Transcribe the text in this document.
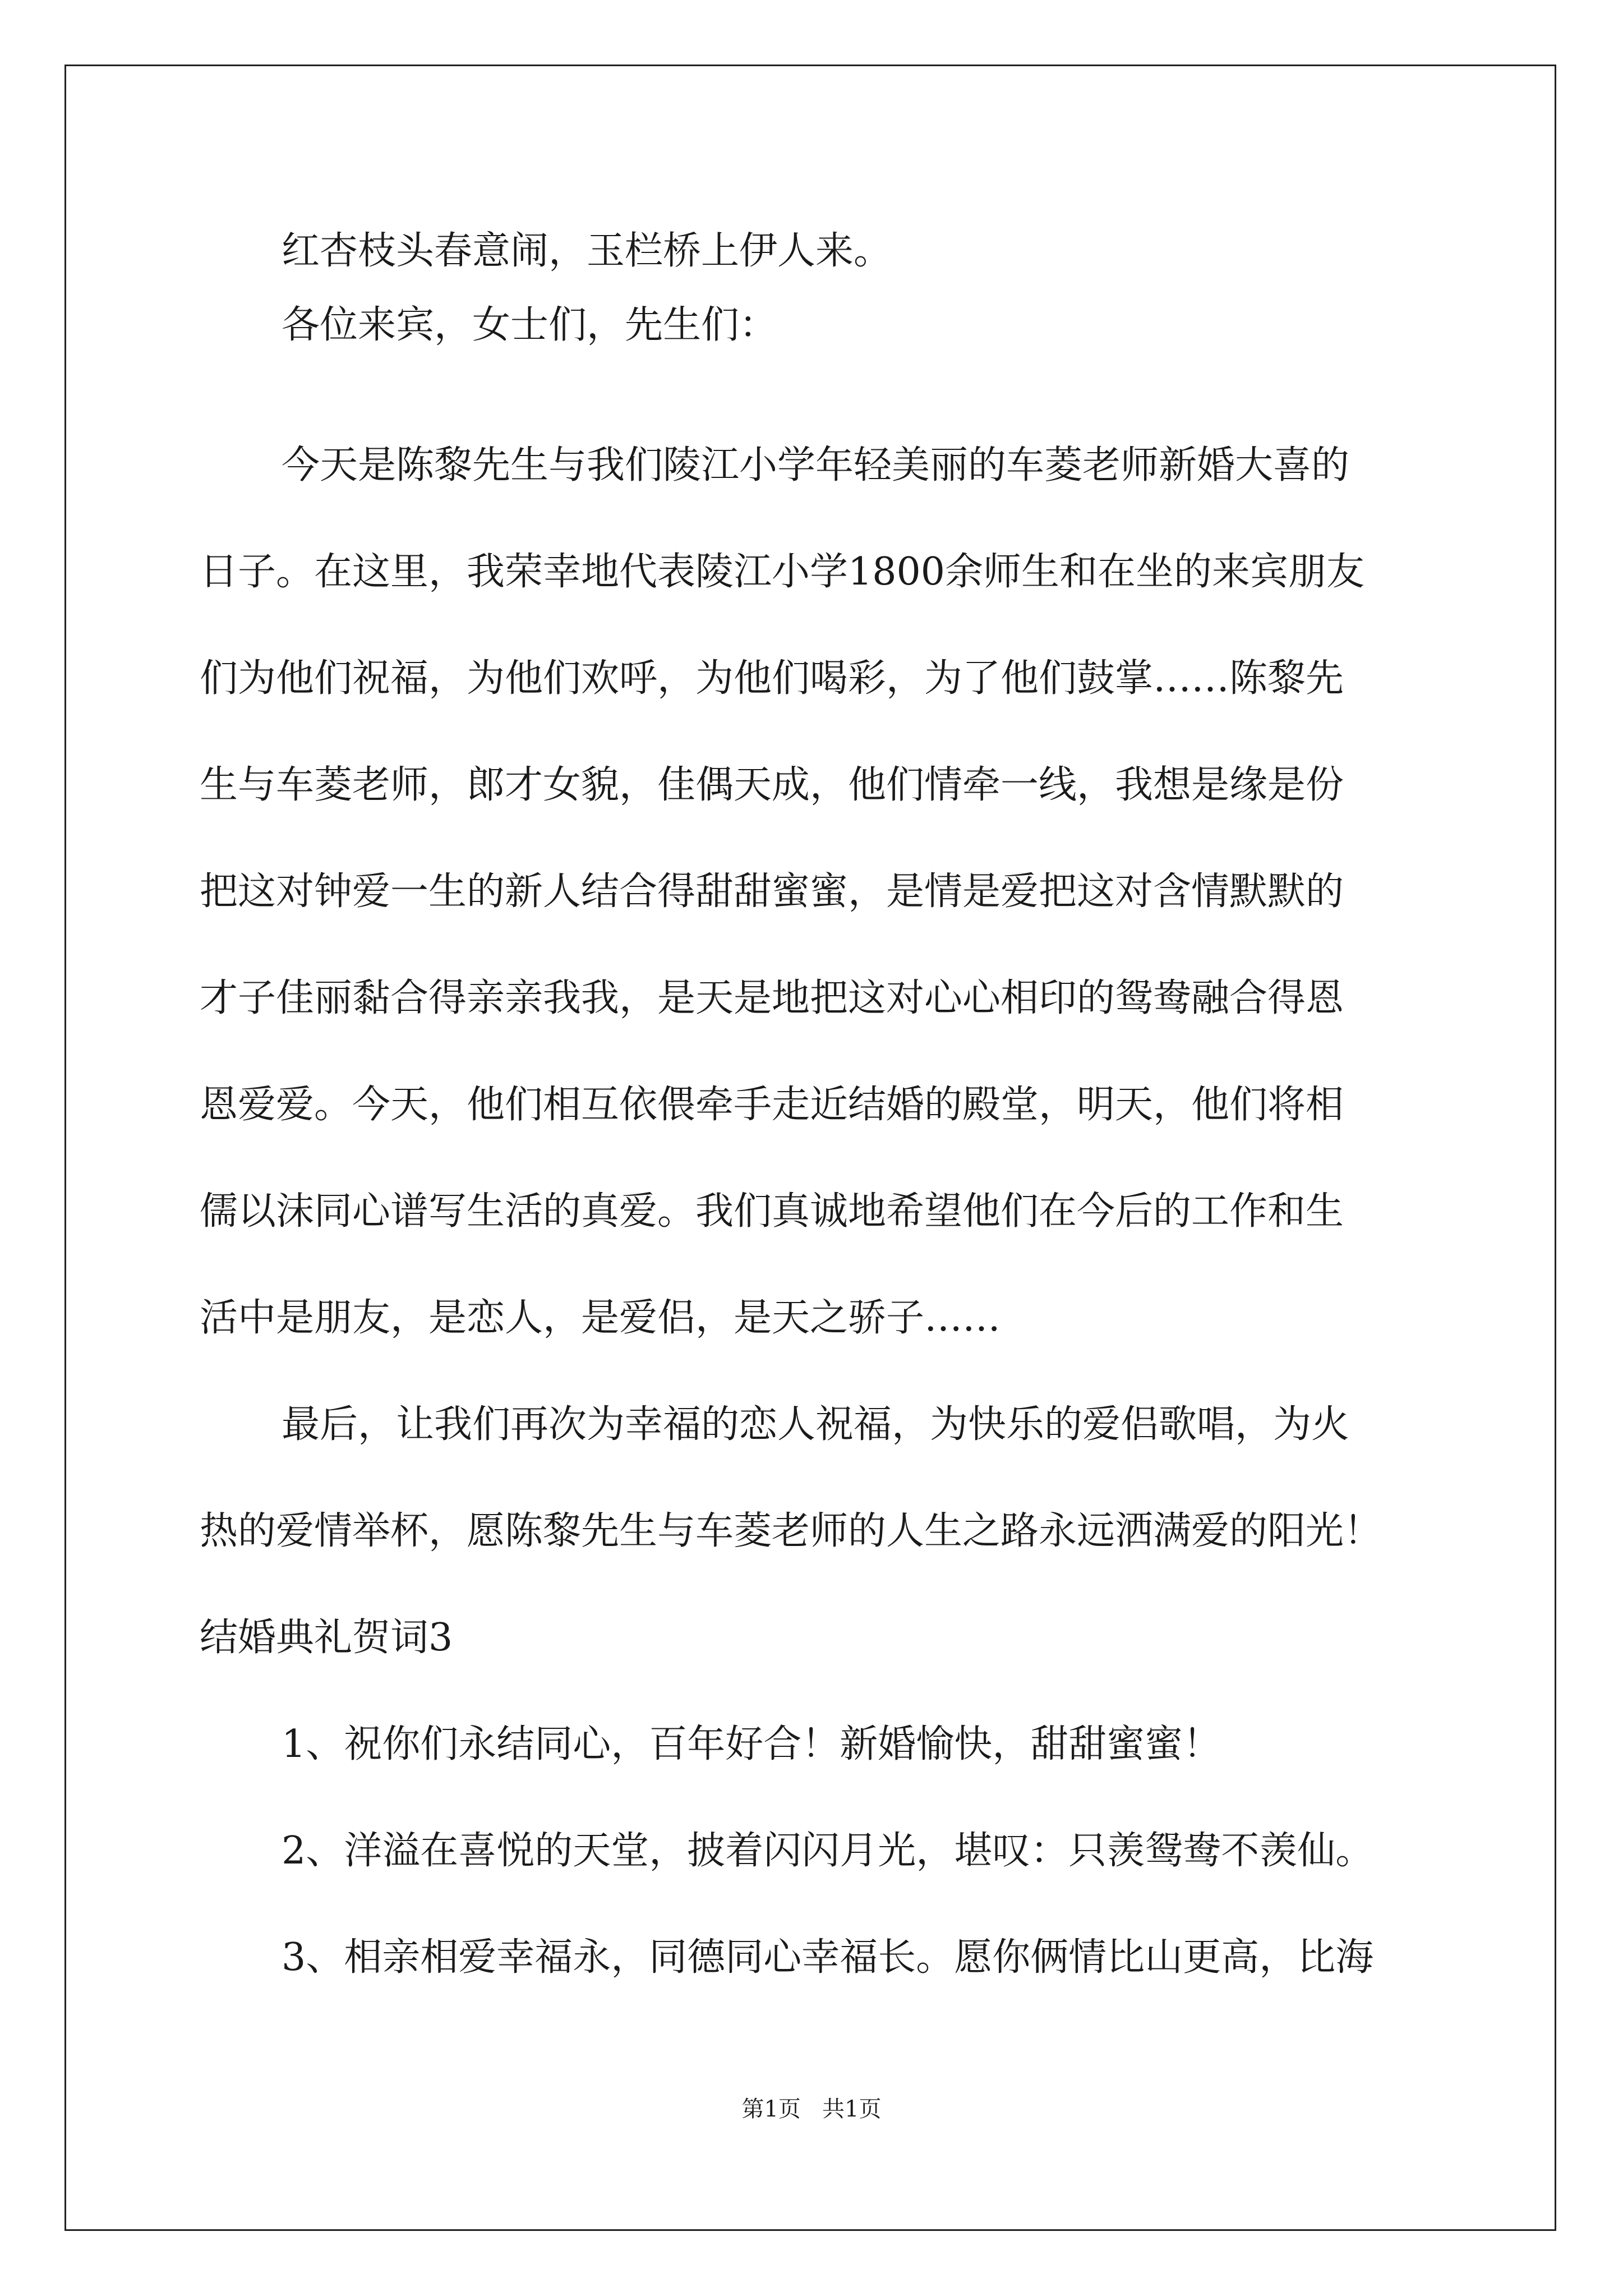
红杏枝头春意闹，玉栏桥上伊人来。

各位来宾，女士们，先生们：

今天是陈黎先生与我们陵江小学年轻美丽的车菱老师新婚大喜的

日子。在这里，我荣幸地代表陵江小学1800余师生和在坐的来宾朋友

们为他们祝福，为他们欢呼，为他们喝彩，为了他们鼓掌……陈黎先

生与车菱老师，郎才女貌，佳偶天成，他们情牵一线，我想是缘是份

把这对钟爱一生的新人结合得甜甜蜜蜜，是情是爱把这对含情默默的

才子佳丽黏合得亲亲我我，是天是地把这对心心相印的鸳鸯融合得恩

恩爱爱。今天，他们相互依偎牵手走近结婚的殿堂，明天，他们将相

儒以沫同心谱写生活的真爱。我们真诚地希望他们在今后的工作和生

活中是朋友，是恋人，是爱侣，是天之骄子……

最后，让我们再次为幸福的恋人祝福，为快乐的爱侣歌唱，为火

热的爱情举杯，愿陈黎先生与车菱老师的人生之路永远洒满爱的阳光！

结婚典礼贺词3

1、祝你们永结同心，百年好合！新婚愉快，甜甜蜜蜜！

2、洋溢在喜悦的天堂，披着闪闪月光，堪叹：只羡鸳鸯不羡仙。

3、相亲相爱幸福永，同德同心幸福长。愿你俩情比山更高，比海

第1页   共1页
